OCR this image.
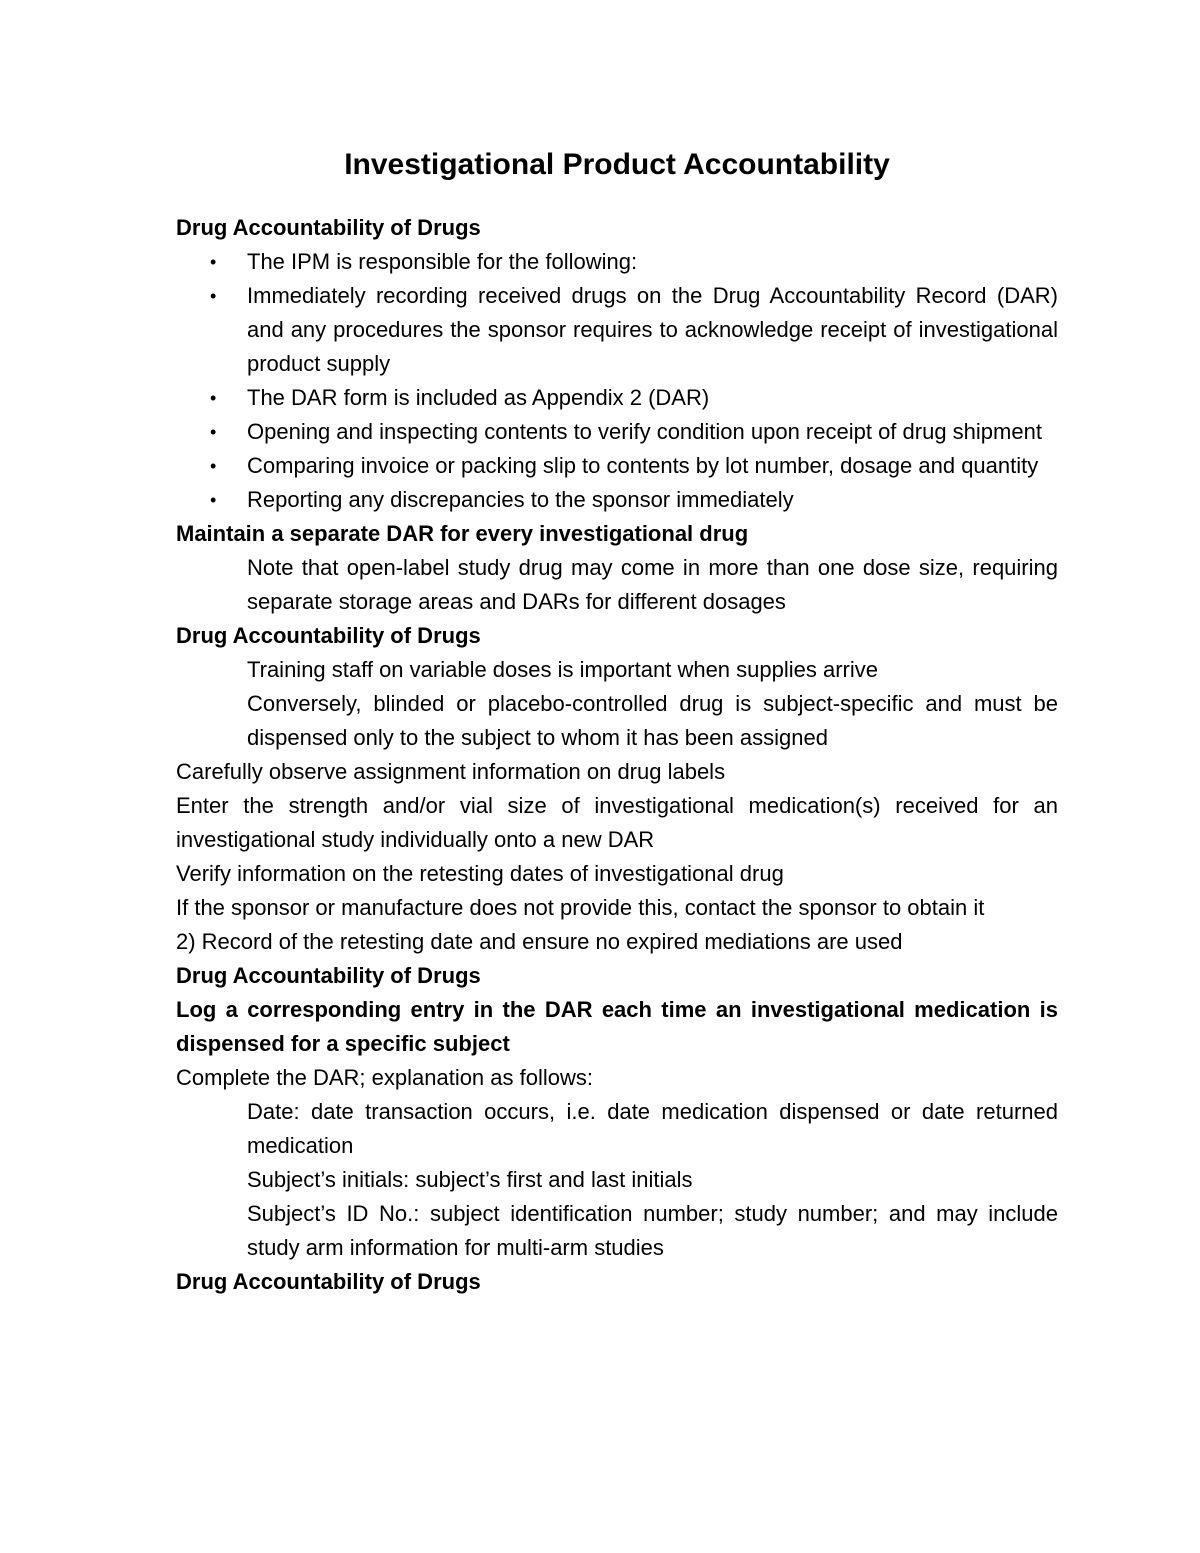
Investigational Product Accountability
Drug Accountability of Drugs
• The IPM is responsible for the following:
• Immediately recording received drugs on the Drug Accountability Record (DAR) and any procedures the sponsor requires to acknowledge receipt of investigational product supply
• The DAR form is included as Appendix 2 (DAR)
• Opening and inspecting contents to verify condition upon receipt of drug shipment
• Comparing invoice or packing slip to contents by lot number, dosage and quantity
• Reporting any discrepancies to the sponsor immediately
Maintain a separate DAR for every investigational drug
Note that open-label study drug may come in more than one dose size, requiring separate storage areas and DARs for different dosages
Drug Accountability of Drugs
Training staff on variable doses is important when supplies arrive
Conversely, blinded or placebo-controlled drug is subject-specific and must be dispensed only to the subject to whom it has been assigned
Carefully observe assignment information on drug labels
Enter the strength and/or vial size of investigational medication(s) received for an investigational study individually onto a new DAR
Verify information on the retesting dates of investigational drug
If the sponsor or manufacture does not provide this, contact the sponsor to obtain it
2) Record of the retesting date and ensure no expired mediations are used
Drug Accountability of Drugs
Log a corresponding entry in the DAR each time an investigational medication is dispensed for a specific subject
Complete the DAR; explanation as follows:
Date: date transaction occurs, i.e. date medication dispensed or date returned medication
Subject’s initials: subject’s first and last initials
Subject’s ID No.: subject identification number; study number; and may include study arm information for multi-arm studies
Drug Accountability of Drugs
